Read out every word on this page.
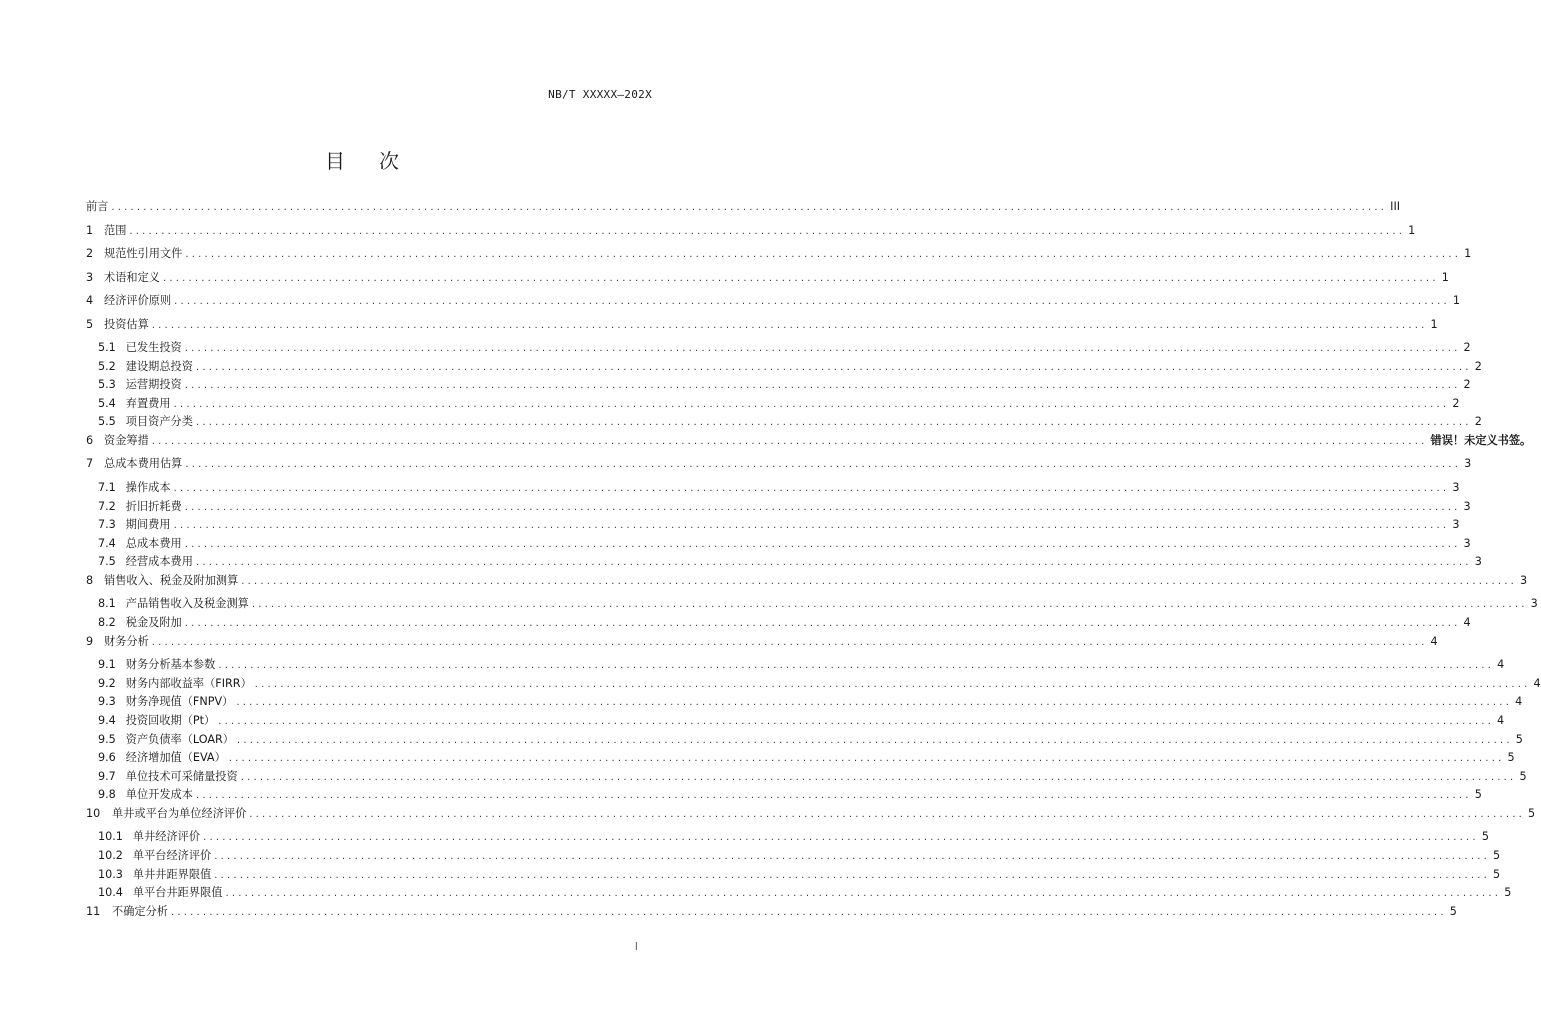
NB/T XXXXX—202X
目次
前言 ........................................................................................................................................................................................................ III
1 范围 ........................................................................................................................................................................................................ 1
2 规范性引用文件 ........................................................................................................................................................................................................ 1
3 术语和定义 ........................................................................................................................................................................................................ 1
4 经济评价原则 ........................................................................................................................................................................................................ 1
5 投资估算 ........................................................................................................................................................................................................ 1
5.1 已发生投资 ........................................................................................................................................................................................................ 2
5.2 建设期总投资 ........................................................................................................................................................................................................ 2
5.3 运营期投资 ........................................................................................................................................................................................................ 2
5.4 弃置费用 ........................................................................................................................................................................................................ 2
5.5 项目资产分类 ........................................................................................................................................................................................................ 2
6 资金筹措 ........................................................................................................................................................................................................ 错误！未定义书签。
7 总成本费用估算 ........................................................................................................................................................................................................ 3
7.1 操作成本 ........................................................................................................................................................................................................ 3
7.2 折旧折耗费 ........................................................................................................................................................................................................ 3
7.3 期间费用 ........................................................................................................................................................................................................ 3
7.4 总成本费用 ........................................................................................................................................................................................................ 3
7.5 经营成本费用 ........................................................................................................................................................................................................ 3
8 销售收入、税金及附加测算 ........................................................................................................................................................................................................ 3
8.1 产品销售收入及税金测算 ........................................................................................................................................................................................................ 3
8.2 税金及附加 ........................................................................................................................................................................................................ 4
9 财务分析 ........................................................................................................................................................................................................ 4
9.1 财务分析基本参数 ........................................................................................................................................................................................................ 4
9.2 财务内部收益率（FIRR） ........................................................................................................................................................................................................ 4
9.3 财务净现值（FNPV） ........................................................................................................................................................................................................ 4
9.4 投资回收期（Pt） ........................................................................................................................................................................................................ 4
9.5 资产负债率（LOAR） ........................................................................................................................................................................................................ 5
9.6 经济增加值（EVA） ........................................................................................................................................................................................................ 5
9.7 单位技术可采储量投资 ........................................................................................................................................................................................................ 5
9.8 单位开发成本 ........................................................................................................................................................................................................ 5
10 单井或平台为单位经济评价 ........................................................................................................................................................................................................ 5
10.1 单井经济评价 ........................................................................................................................................................................................................ 5
10.2 单平台经济评价 ........................................................................................................................................................................................................ 5
10.3 单井井距界限值 ........................................................................................................................................................................................................ 5
10.4 单平台井距界限值 ........................................................................................................................................................................................................ 5
11 不确定分析 ........................................................................................................................................................................................................ 5
I
